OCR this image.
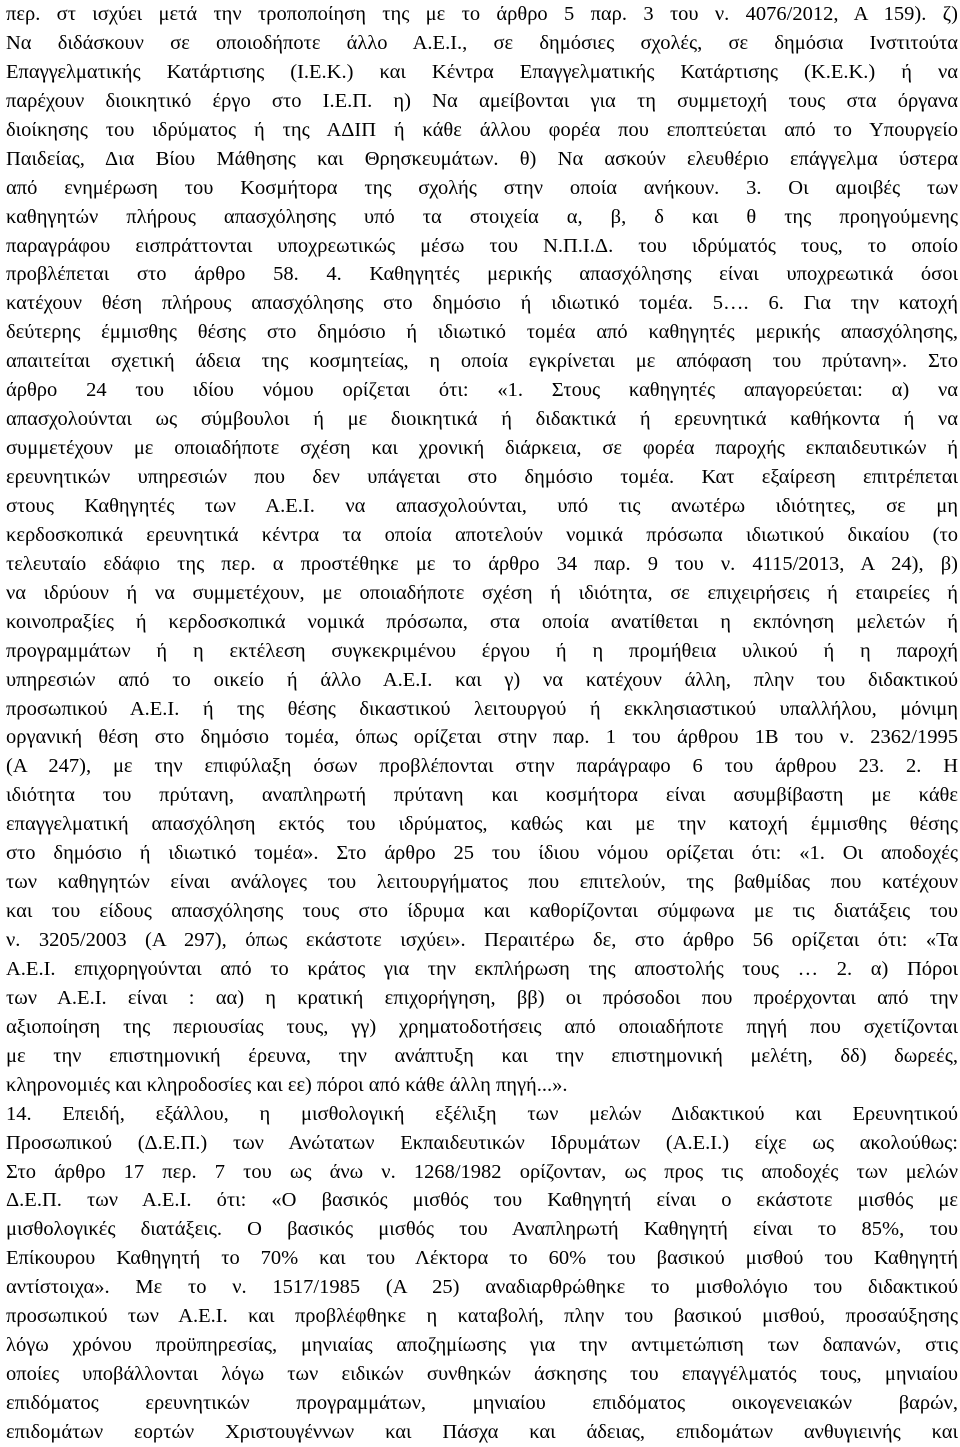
περ. στ ισχύει μετά την τροποποίηση της με το άρθρο 5 παρ. 3 του ν. 4076/2012, Α 159). ζ)
Να διδάσκουν σε οποιοδήποτε άλλο Α.Ε.Ι., σε δημόσιες σχολές, σε δημόσια Ινστιτούτα
Επαγγελματικής Κατάρτισης (Ι.Ε.Κ.) και Κέντρα Επαγγελματικής Κατάρτισης (Κ.Ε.Κ.) ή να
παρέχουν διοικητικό έργο στο Ι.Ε.Π. η) Να αμείβονται για τη συμμετοχή τους στα όργανα
διοίκησης του ιδρύματος ή της ΑΔΙΠ ή κάθε άλλου φορέα που εποπτεύεται από το Υπουργείο
Παιδείας, Δια Βίου Μάθησης και Θρησκευμάτων. θ) Να ασκούν ελευθέριο επάγγελμα ύστερα
από ενημέρωση του Κοσμήτορα της σχολής στην οποία ανήκουν. 3. Οι αμοιβές των
καθηγητών πλήρους απασχόλησης υπό τα στοιχεία α, β, δ και θ της προηγούμενης
παραγράφου εισπράττονται υποχρεωτικώς μέσω του Ν.Π.Ι.Δ. του ιδρύματός τους, το οποίο
προβλέπεται στο άρθρο 58. 4. Καθηγητές μερικής απασχόλησης είναι υποχρεωτικά όσοι
κατέχουν θέση πλήρους απασχόλησης στο δημόσιο ή ιδιωτικό τομέα. 5…. 6. Για την κατοχή
δεύτερης έμμισθης θέσης στο δημόσιο ή ιδιωτικό τομέα από καθηγητές μερικής απασχόλησης,
απαιτείται σχετική άδεια της κοσμητείας, η οποία εγκρίνεται με απόφαση του πρύτανη». Στο
άρθρο 24 του ιδίου νόμου ορίζεται ότι: «1. Στους καθηγητές απαγορεύεται: α) να
απασχολούνται ως σύμβουλοι ή με διοικητικά ή διδακτικά ή ερευνητικά καθήκοντα ή να
συμμετέχουν με οποιαδήποτε σχέση και χρονική διάρκεια, σε φορέα παροχής εκπαιδευτικών ή
ερευνητικών υπηρεσιών που δεν υπάγεται στο δημόσιο τομέα. Κατ εξαίρεση επιτρέπεται
στους Καθηγητές των Α.Ε.Ι. να απασχολούνται, υπό τις ανωτέρω ιδιότητες, σε μη
κερδοσκοπικά ερευνητικά κέντρα τα οποία αποτελούν νομικά πρόσωπα ιδιωτικού δικαίου (το
τελευταίο εδάφιο της περ. α προστέθηκε με το άρθρο 34 παρ. 9 του ν. 4115/2013, Α 24), β)
να ιδρύουν ή να συμμετέχουν, με οποιαδήποτε σχέση ή ιδιότητα, σε επιχειρήσεις ή εταιρείες ή
κοινοπραξίες ή κερδοσκοπικά νομικά πρόσωπα, στα οποία ανατίθεται η εκπόνηση μελετών ή
προγραμμάτων ή η εκτέλεση συγκεκριμένου έργου ή η προμήθεια υλικού ή η παροχή
υπηρεσιών από το οικείο ή άλλο Α.Ε.Ι. και γ) να κατέχουν άλλη, πλην του διδακτικού
προσωπικού Α.Ε.Ι. ή της θέσης δικαστικού λειτουργού ή εκκλησιαστικού υπαλλήλου, μόνιμη
οργανική θέση στο δημόσιο τομέα, όπως ορίζεται στην παρ. 1 του άρθρου 1Β του ν. 2362/1995
(Α 247), με την επιφύλαξη όσων προβλέπονται στην παράγραφο 6 του άρθρου 23. 2. Η
ιδιότητα του πρύτανη, αναπληρωτή πρύτανη και κοσμήτορα είναι ασυμβίβαστη με κάθε
επαγγελματική απασχόληση εκτός του ιδρύματος, καθώς και με την κατοχή έμμισθης θέσης
στο δημόσιο ή ιδιωτικό τομέα». Στο άρθρο 25 του ίδιου νόμου ορίζεται ότι: «1. Οι αποδοχές
των καθηγητών είναι ανάλογες του λειτουργήματος που επιτελούν, της βαθμίδας που κατέχουν
και του είδους απασχόλησης τους στο ίδρυμα και καθορίζονται σύμφωνα με τις διατάξεις του
ν. 3205/2003 (Α 297), όπως εκάστοτε ισχύει». Περαιτέρω δε, στο άρθρο 56 ορίζεται ότι: «Τα
Α.Ε.Ι. επιχορηγούνται από το κράτος για την εκπλήρωση της αποστολής τους … 2. α) Πόροι
των Α.Ε.Ι. είναι : αα) η κρατική επιχορήγηση, ββ) οι πρόσοδοι που προέρχονται από την
αξιοποίηση της περιουσίας τους, γγ) χρηματοδοτήσεις από οποιαδήποτε πηγή που σχετίζονται
με την επιστημονική έρευνα, την ανάπτυξη και την επιστημονική μελέτη, δδ) δωρεές,
κληρονομιές και κληροδοσίες και εε) πόροι από κάθε άλλη πηγή...».
14. Επειδή, εξάλλου, η μισθολογική εξέλιξη των μελών Διδακτικού και Ερευνητικού
Προσωπικού (Δ.Ε.Π.) των Ανώτατων Εκπαιδευτικών Ιδρυμάτων (Α.Ε.Ι.) είχε ως ακολούθως:
Στο άρθρο 17 περ. 7 του ως άνω ν. 1268/1982 ορίζονταν, ως προς τις αποδοχές των μελών
Δ.Ε.Π. των Α.Ε.Ι. ότι: «Ο βασικός μισθός του Καθηγητή είναι ο εκάστοτε μισθός με
μισθολογικές διατάξεις. Ο βασικός μισθός του Αναπληρωτή Καθηγητή είναι το 85%, του
Επίκουρου Καθηγητή το 70% και του Λέκτορα το 60% του βασικού μισθού του Καθηγητή
αντίστοιχα». Με το ν. 1517/1985 (Α 25) αναδιαρθρώθηκε το μισθολόγιο του διδακτικού
προσωπικού των Α.Ε.Ι. και προβλέφθηκε η καταβολή, πλην του βασικού μισθού, προσαύξησης
λόγω χρόνου προϋπηρεσίας, μηνιαίας αποζημίωσης για την αντιμετώπιση των δαπανών, στις
οποίες υποβάλλονται λόγω των ειδικών συνθηκών άσκησης του επαγγέλματός τους, μηνιαίου
επιδόματος ερευνητικών προγραμμάτων, μηνιαίου επιδόματος οικογενειακών βαρών,
επιδομάτων εορτών Χριστουγέννων και Πάσχα και άδειας, επιδομάτων ανθυγιεινής και
